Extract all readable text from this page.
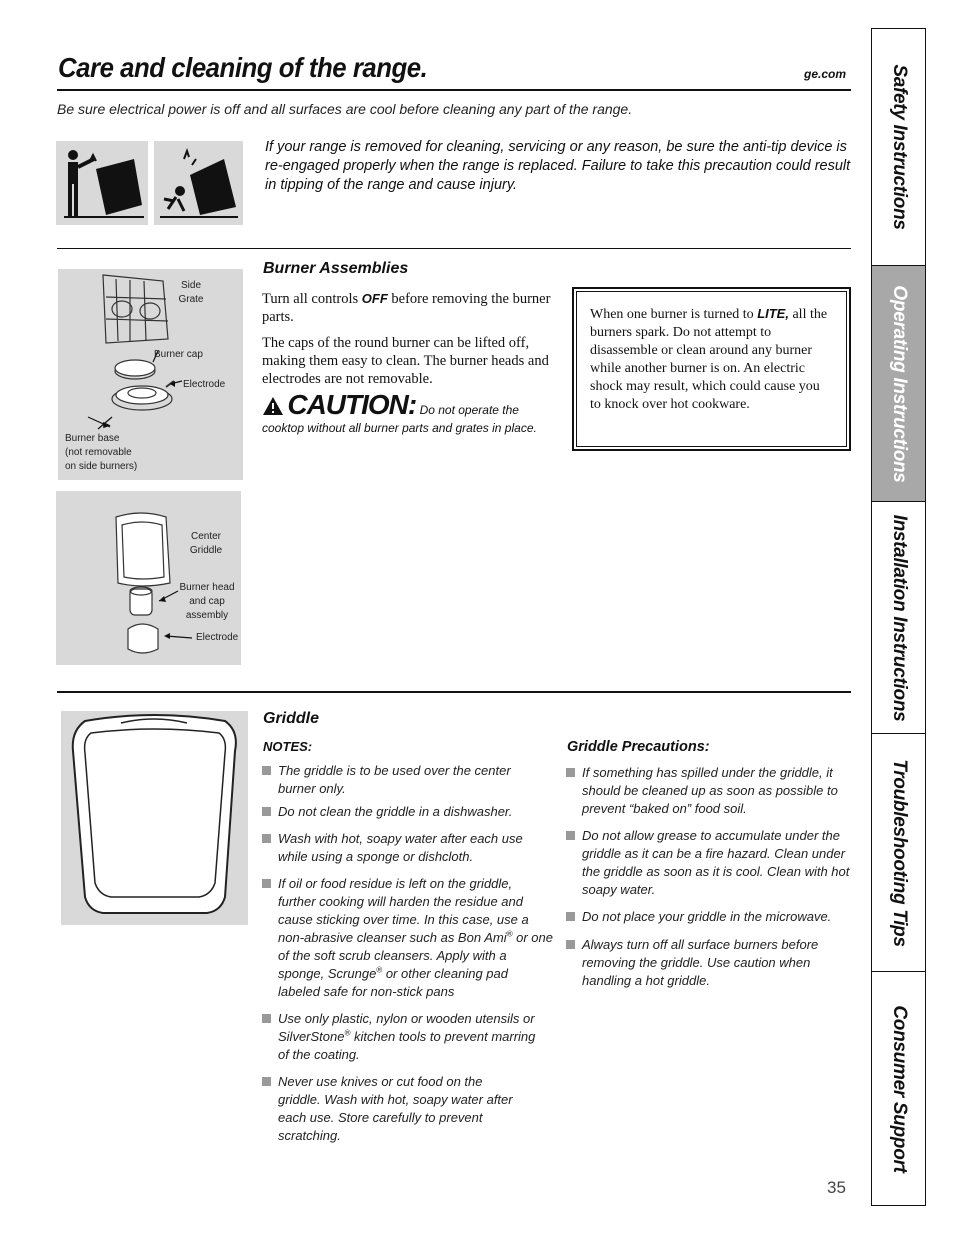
Care and cleaning of the range.	ge.com
Be sure electrical power is off and all surfaces are cool before cleaning any part of the range.
If your range is removed for cleaning, servicing or any reason, be sure the anti-tip device is re-engaged properly when the range is replaced. Failure to take this precaution could result in tipping of the range and cause injury.
Side
Grate
Burner cap
Electrode
Burner base
(not removable
on side burners)
Center
Griddle
Burner head
and cap
assembly
Electrode
Burner Assemblies
Turn all controls OFF before removing the burner parts.
The caps of the round burner can be lifted off, making them easy to clean. The burner heads and electrodes are not removable.
CAUTION: Do not operate the cooktop without all burner parts and grates in place.
When one burner is turned to LITE, all the burners spark. Do not attempt to disassemble or clean around any burner while another burner is on. An electric shock may result, which could cause you to knock over hot cookware.
Griddle
NOTES:
The griddle is to be used over the center burner only.
Do not clean the griddle in a dishwasher.
Wash with hot, soapy water after each use while using a sponge or dishcloth.
If oil or food residue is left on the griddle, further cooking will harden the residue and cause sticking over time. In this case, use a non-abrasive cleanser such as Bon Ami® or one of the soft scrub cleansers. Apply with a sponge, Scrunge® or other cleaning pad labeled safe for non-stick pans
Use only plastic, nylon or wooden utensils or SilverStone® kitchen tools to prevent marring of the coating.
Never use knives or cut food on the griddle. Wash with hot, soapy water after each use. Store carefully to prevent scratching.
Griddle Precautions:
If something has spilled under the griddle, it should be cleaned up as soon as possible to prevent “baked on” food soil.
Do not allow grease to accumulate under the griddle as it can be a fire hazard. Clean under the griddle as soon as it is cool. Clean with hot soapy water.
Do not place your griddle in the microwave.
Always turn off all surface burners before removing the griddle. Use caution when handling a hot griddle.
Safety Instructions
Operating Instructions
Installation Instructions
Troubleshooting Tips
Consumer Support
35
